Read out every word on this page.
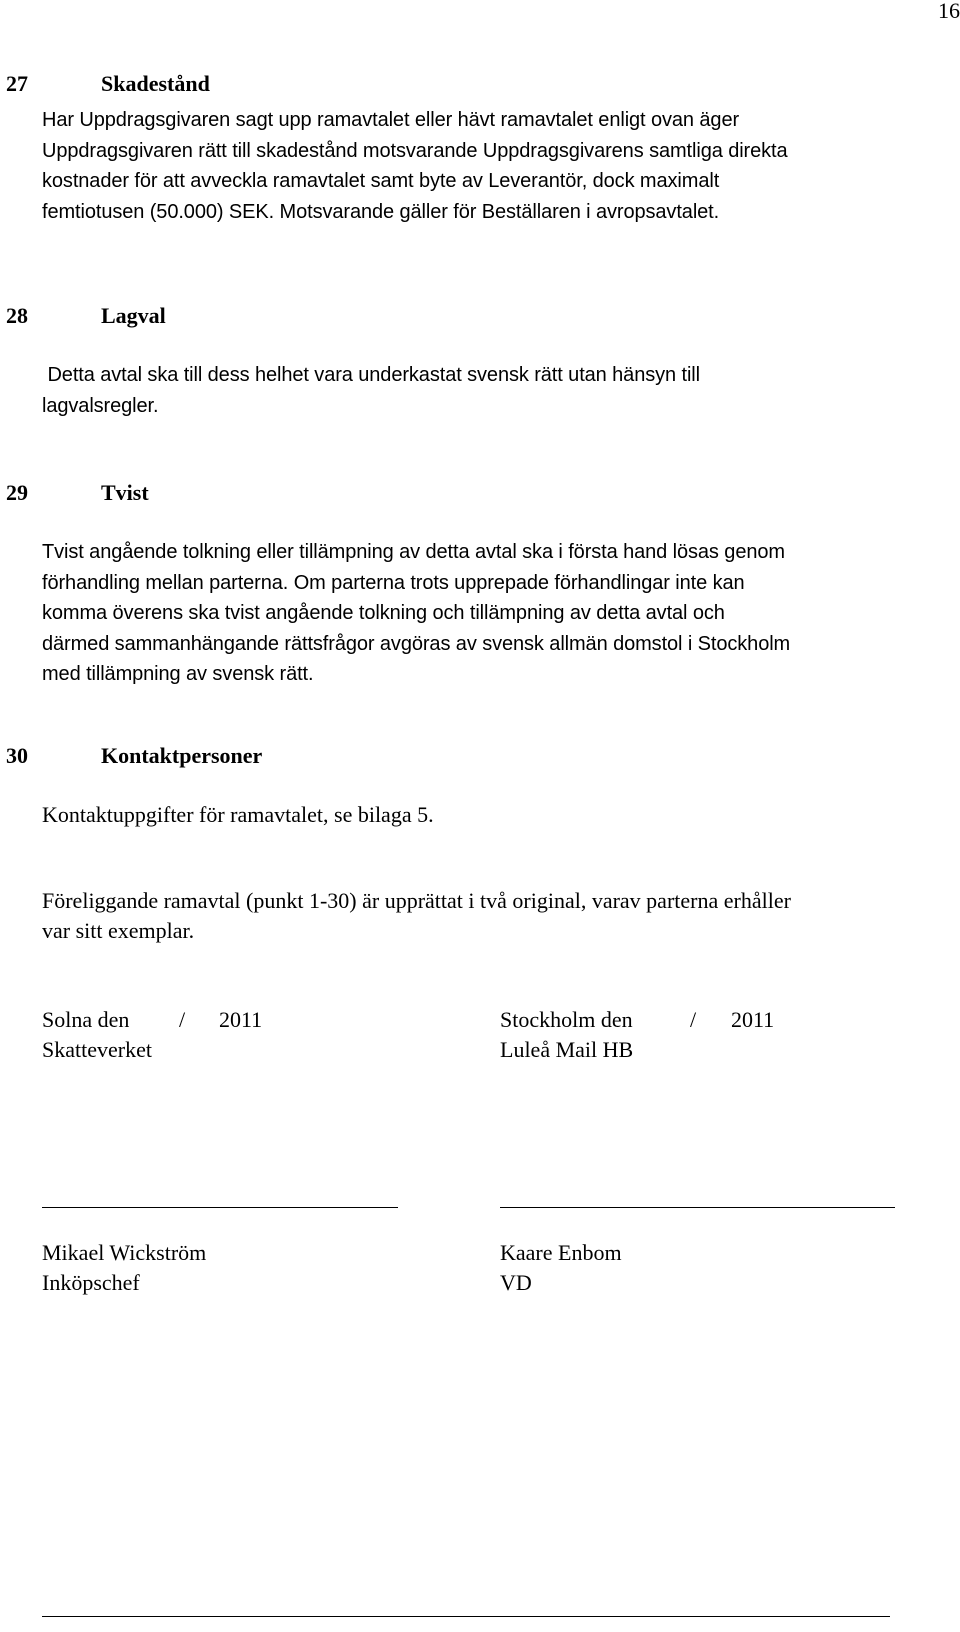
16
27	Skadestånd
Har Uppdragsgivaren sagt upp ramavtalet eller hävt ramavtalet enligt ovan äger
Uppdragsgivaren rätt till skadestånd motsvarande Uppdragsgivarens samtliga direkta
kostnader för att avveckla ramavtalet samt byte av Leverantör, dock maximalt
femtiotusen (50.000) SEK. Motsvarande gäller för Beställaren i avropsavtalet.
28	Lagval
Detta avtal ska till dess helhet vara underkastat svensk rätt utan hänsyn till
lagvalsregler.
29	Tvist
Tvist angående tolkning eller tillämpning av detta avtal ska i första hand lösas genom
förhandling mellan parterna. Om parterna trots upprepade förhandlingar inte kan
komma överens ska tvist angående tolkning och tillämpning av detta avtal och
därmed sammanhängande rättsfrågor avgöras av svensk allmän domstol i Stockholm
med tillämpning av svensk rätt.
30	Kontaktpersoner
Kontaktuppgifter för ramavtalet, se bilaga 5.
Föreliggande ramavtal (punkt 1-30) är upprättat i två original, varav parterna erhåller
var sitt exemplar.
Solna den / 2011
Skatteverket
Mikael Wickström
Inköpschef
Stockholm den	/ 2011
Luleå Mail HB
Kaare Enbom
VD
